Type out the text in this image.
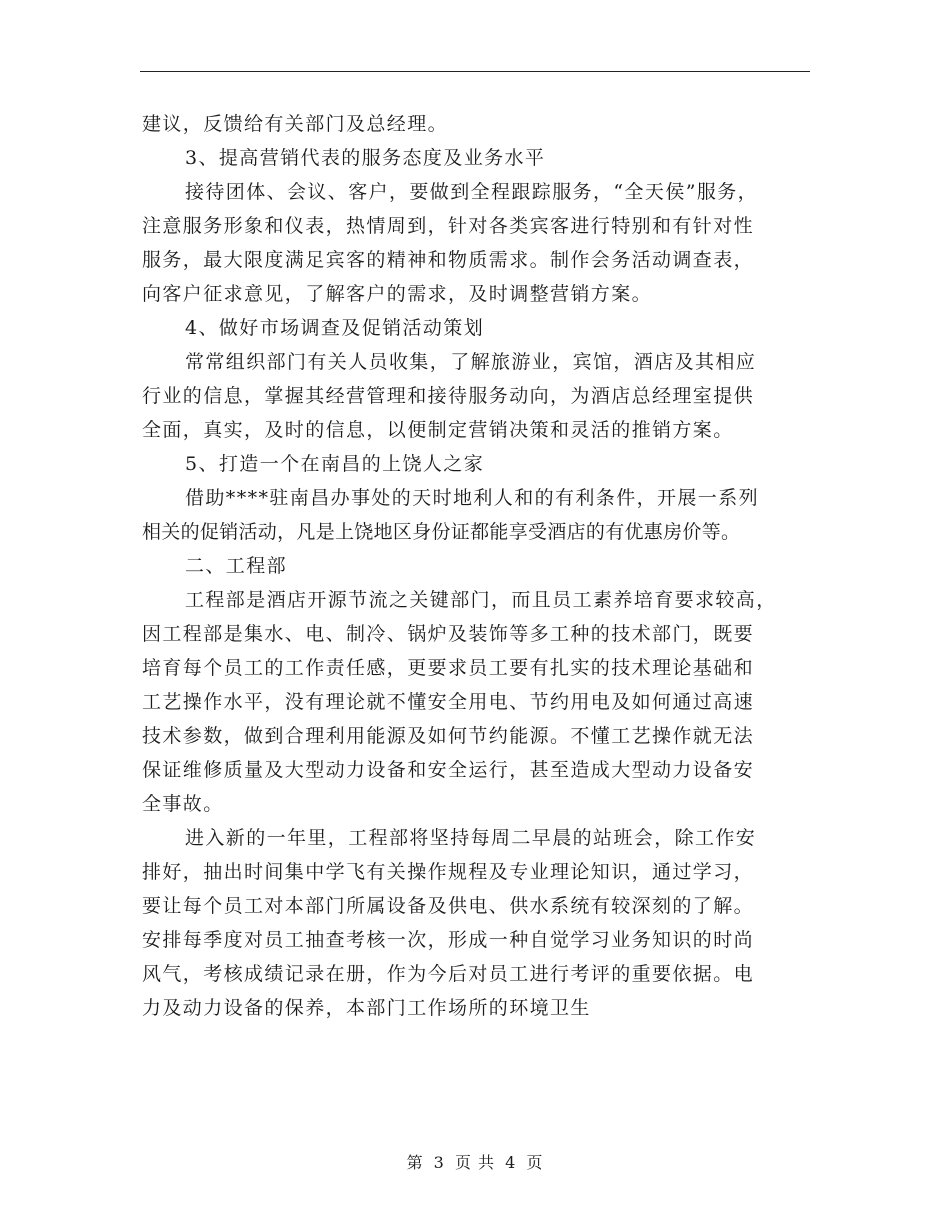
建议，反馈给有关部门及总经理。
3、提高营销代表的服务态度及业务水平
接待团体、会议、客户，要做到全程跟踪服务，“全天侯”服务，
注意服务形象和仪表，热情周到，针对各类宾客进行特别和有针对性
服务，最大限度满足宾客的精神和物质需求。制作会务活动调查表，
向客户征求意见，了解客户的需求，及时调整营销方案。
4、做好市场调查及促销活动策划
常常组织部门有关人员收集，了解旅游业，宾馆，酒店及其相应
行业的信息，掌握其经营管理和接待服务动向，为酒店总经理室提供
全面，真实，及时的信息，以便制定营销决策和灵活的推销方案。
5、打造一个在南昌的上饶人之家
借助****驻南昌办事处的天时地利人和的有利条件，开展一系列
相关的促销活动，凡是上饶地区身份证都能享受酒店的有优惠房价等。
二、工程部
工程部是酒店开源节流之关键部门，而且员工素养培育要求较高，
因工程部是集水、电、制冷、锅炉及装饰等多工种的技术部门，既要
培育每个员工的工作责任感，更要求员工要有扎实的技术理论基础和
工艺操作水平，没有理论就不懂安全用电、节约用电及如何通过高速
技术参数，做到合理利用能源及如何节约能源。不懂工艺操作就无法
保证维修质量及大型动力设备和安全运行，甚至造成大型动力设备安
全事故。
进入新的一年里，工程部将坚持每周二早晨的站班会，除工作安
排好，抽出时间集中学飞有关操作规程及专业理论知识，通过学习，
要让每个员工对本部门所属设备及供电、供水系统有较深刻的了解。
安排每季度对员工抽查考核一次，形成一种自觉学习业务知识的时尚
风气，考核成绩记录在册，作为今后对员工进行考评的重要依据。电
力及动力设备的保养，本部门工作场所的环境卫生
第 3 页 共 4 页
